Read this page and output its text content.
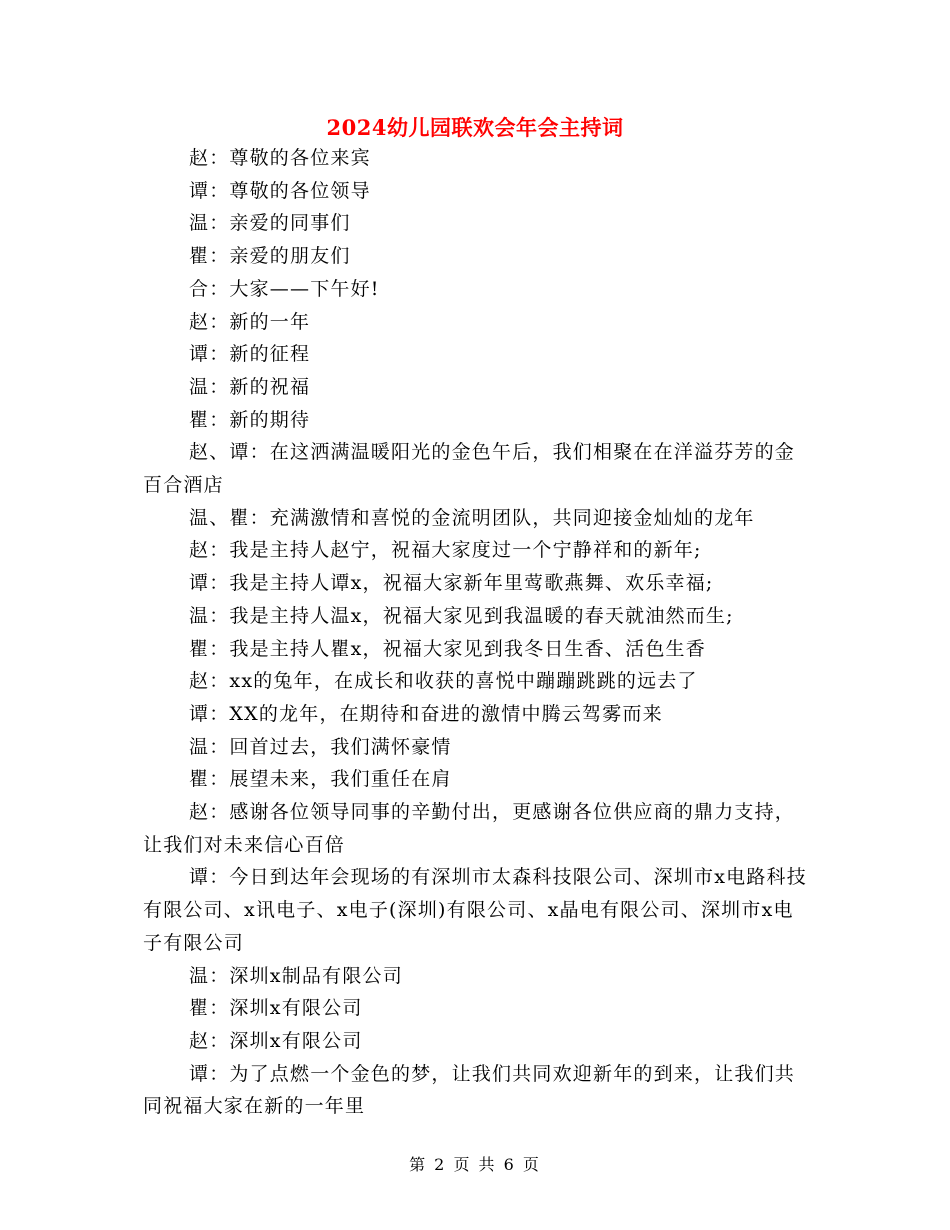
2024幼儿园联欢会年会主持词

赵：尊敬的各位来宾

谭：尊敬的各位领导

温：亲爱的同事们

瞿：亲爱的朋友们

合：大家——下午好!

赵：新的一年

谭：新的征程

温：新的祝福

瞿：新的期待

赵、谭：在这洒满温暖阳光的金色午后，我们相聚在在洋溢芬芳的金百合酒店

温、瞿：充满激情和喜悦的金流明团队，共同迎接金灿灿的龙年

赵：我是主持人赵宁，祝福大家度过一个宁静祥和的新年;

谭：我是主持人谭x，祝福大家新年里莺歌燕舞、欢乐幸福;

温：我是主持人温x，祝福大家见到我温暖的春天就油然而生;

瞿：我是主持人瞿x，祝福大家见到我冬日生香、活色生香

赵：xx的兔年，在成长和收获的喜悦中蹦蹦跳跳的远去了

谭：XX的龙年，在期待和奋进的激情中腾云驾雾而来

温：回首过去，我们满怀豪情

瞿：展望未来，我们重任在肩

赵：感谢各位领导同事的辛勤付出，更感谢各位供应商的鼎力支持，让我们对未来信心百倍

谭：今日到达年会现场的有深圳市太森科技限公司、深圳市x电路科技有限公司、x讯电子、x电子(深圳)有限公司、x晶电有限公司、深圳市x电子有限公司

温：深圳x制品有限公司

瞿：深圳x有限公司

赵：深圳x有限公司

谭：为了点燃一个金色的梦，让我们共同欢迎新年的到来，让我们共同祝福大家在新的一年里

第 2 页 共 6 页
